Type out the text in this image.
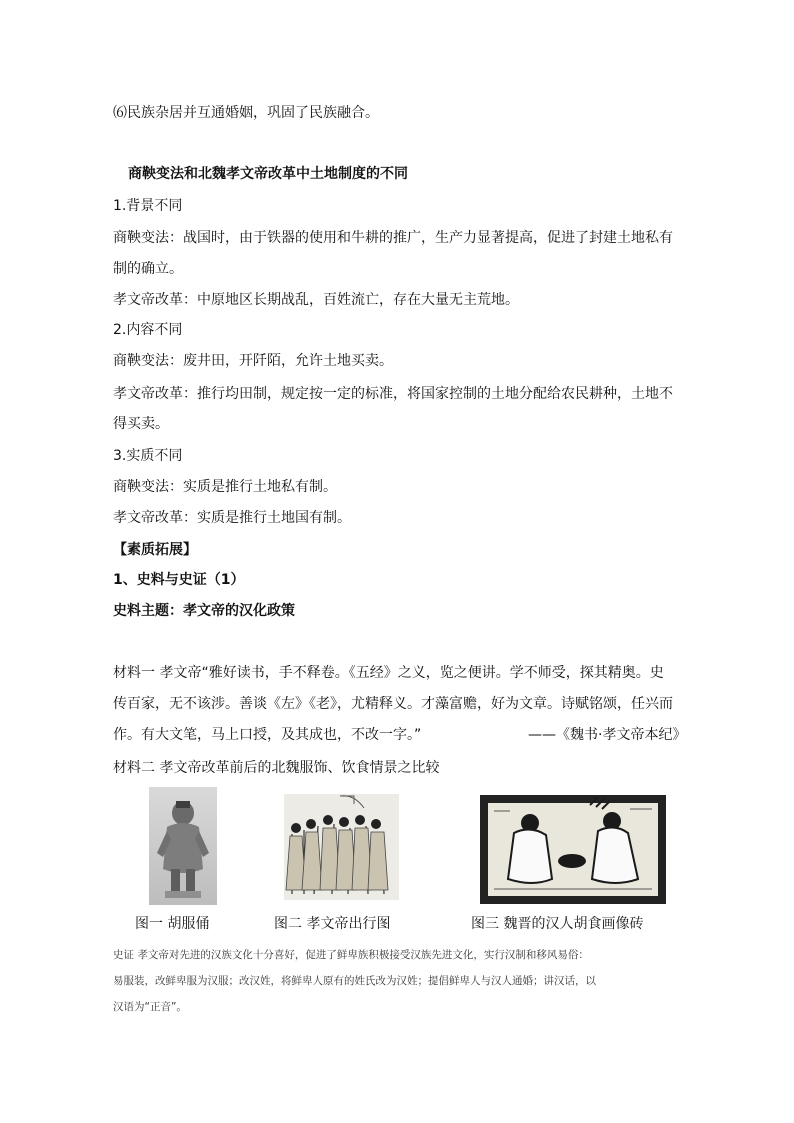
⑹民族杂居并互通婚姻，巩固了民族融合。
商鞅变法和北魏孝文帝改革中土地制度的不同
1.背景不同
商鞅变法：战国时，由于铁器的使用和牛耕的推广，生产力显著提高，促进了封建土地私有
制的确立。
孝文帝改革：中原地区长期战乱，百姓流亡，存在大量无主荒地。
2.内容不同
商鞅变法：废井田，开阡陌，允许土地买卖。
孝文帝改革：推行均田制，规定按一定的标准，将国家控制的土地分配给农民耕种，土地不
得买卖。
3.实质不同
商鞅变法：实质是推行土地私有制。
孝文帝改革：实质是推行土地国有制。
【素质拓展】
1、史料与史证（1）
史料主题：孝文帝的汉化政策
材料一 孝文帝“雅好读书，手不释卷。《五经》之义，览之便讲。学不师受，探其精奥。史
传百家，无不该涉。善谈《左》《老》，尤精释义。才藻富赡，好为文章。诗赋铭颂，任兴而
作。有大文笔，马上口授，及其成也，不改一字。”	——《魏书·孝文帝本纪》
材料二 孝文帝改革前后的北魏服饰、饮食情景之比较
图一 胡服俑	图二 孝文帝出行图	图三 魏晋的汉人胡食画像砖
史证 孝文帝对先进的汉族文化十分喜好，促进了鲜卑族积极接受汉族先进文化，实行汉制和移风易俗：
易服装，改鲜卑服为汉服；改汉姓，将鲜卑人原有的姓氏改为汉姓；提倡鲜卑人与汉人通婚；讲汉话，以
汉语为“正音”。
